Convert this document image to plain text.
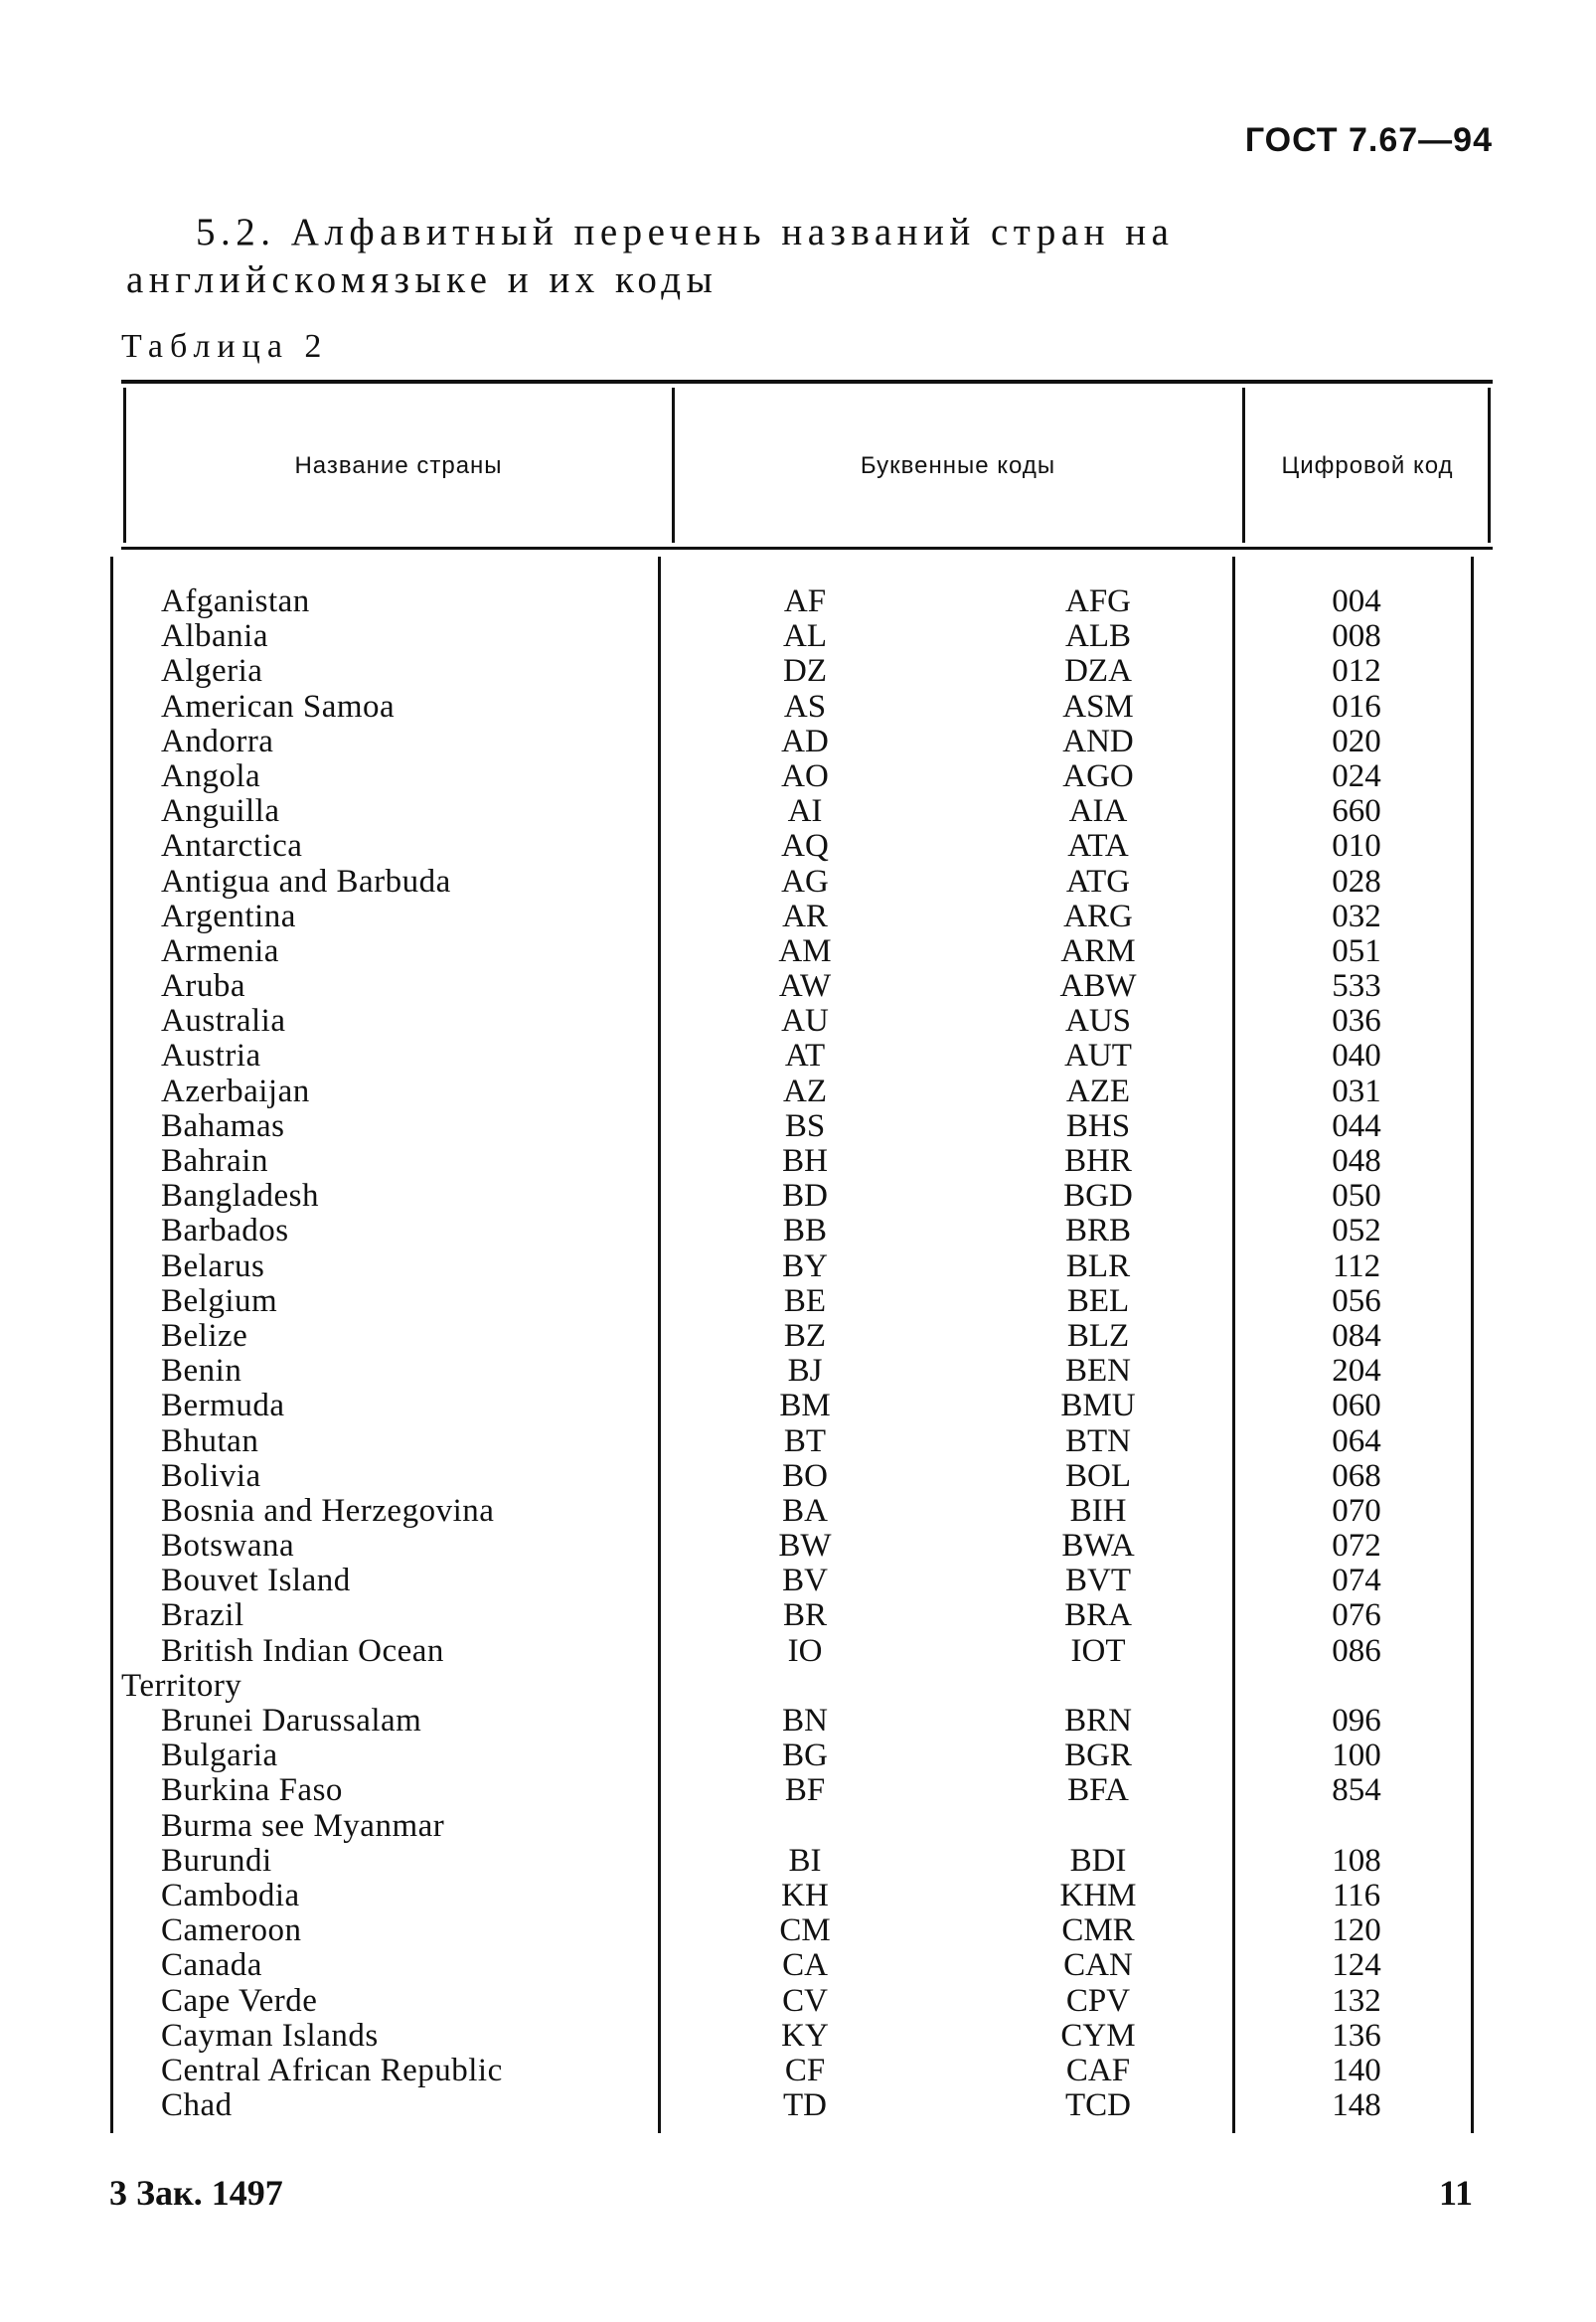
ГОСТ 7.67—94
5.2. Алфавитный перечень названий стран на
английскомязыке и их коды
Таблица 2
Название страны	Буквенные коды	Цифровой код
Afganistan	AF	AFG	004
Albania	AL	ALB	008
Algeria	DZ	DZA	012
American Samoa	AS	ASM	016
Andorra	AD	AND	020
Angola	AO	AGO	024
Anguilla	AI	AIA	660
Antarctica	AQ	ATA	010
Antigua and Barbuda	AG	ATG	028
Argentina	AR	ARG	032
Armenia	AM	ARM	051
Aruba	AW	ABW	533
Australia	AU	AUS	036
Austria	AT	AUT	040
Azerbaijan	AZ	AZE	031
Bahamas	BS	BHS	044
Bahrain	BH	BHR	048
Bangladesh	BD	BGD	050
Barbados	BB	BRB	052
Belarus	BY	BLR	112
Belgium	BE	BEL	056
Belize	BZ	BLZ	084
Benin	BJ	BEN	204
Bermuda	BM	BMU	060
Bhutan	BT	BTN	064
Bolivia	BO	BOL	068
Bosnia and Herzegovina	BA	BIH	070
Botswana	BW	BWA	072
Bouvet Island	BV	BVT	074
Brazil	BR	BRA	076
British Indian Ocean	IO	IOT	086
Territory
Brunei Darussalam	BN	BRN	096
Bulgaria	BG	BGR	100
Burkina Faso	BF	BFA	854
Burma see Myanmar
Burundi	BI	BDI	108
Cambodia	KH	KHM	116
Cameroon	CM	CMR	120
Canada	CA	CAN	124
Cape Verde	CV	CPV	132
Cayman Islands	KY	CYM	136
Central African Republic	CF	CAF	140
Chad	TD	TCD	148
3 Зак. 1497	11
